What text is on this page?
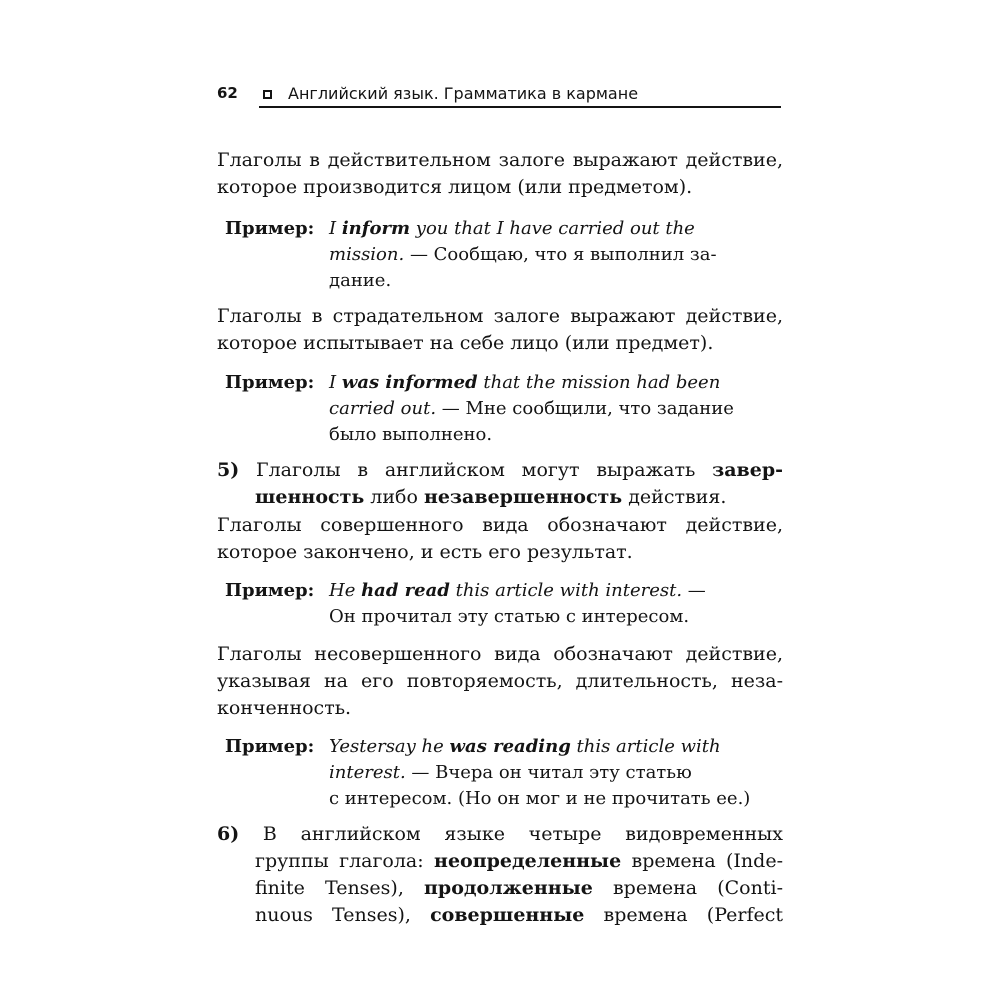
62	Английский язык. Грамматика в кармане
Глаголы в действительном залоге выражают действие,
которое производится лицом (или предметом).
Пример: I inform you that I have carried out the
mission. — Сообщаю, что я выполнил за-
дание.
Глаголы в страдательном залоге выражают действие,
которое испытывает на себе лицо (или предмет).
Пример: I was informed that the mission had been
carried out. — Мне сообщили, что задание
было выполнено.
5) Глаголы в английском могут выражать завер-
шенность либо незавершенность действия.
Глаголы совершенного вида обозначают действие,
которое закончено, и есть его результат.
Пример: He had read this article with interest. —
Он прочитал эту статью с интересом.
Глаголы несовершенного вида обозначают действие,
указывая на его повторяемость, длительность, неза-
конченность.
Пример: Yestersay he was reading this article with
interest. — Вчера он читал эту статью
с интересом. (Но он мог и не прочитать ее.)
6) В английском языке четыре видовременных
группы глагола: неопределенные времена (Inde-
finite Tenses), продолженные времена (Conti-
nuous Tenses), совершенные времена (Perfect
